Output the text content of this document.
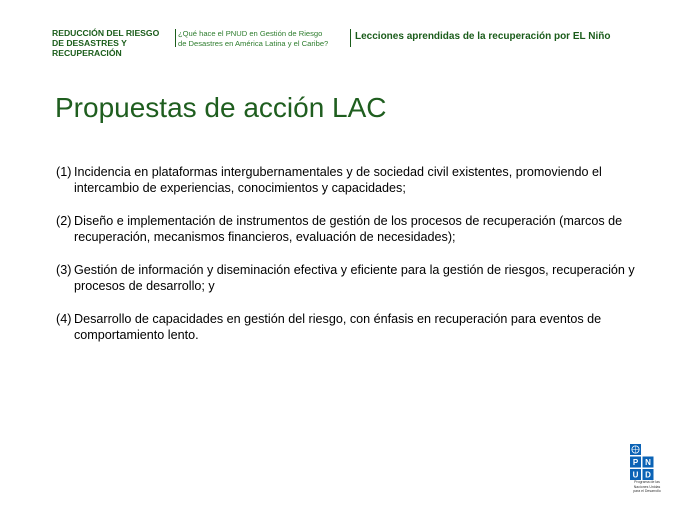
REDUCCIÓN DEL RIESGO
DE DESASTRES Y
RECUPERACIÓN
¿Qué hace el PNUD en Gestión de Riesgo
de Desastres en América Latina y el Caribe?
Lecciones aprendidas de la recuperación por EL Niño
Propuestas de acción LAC
(1) Incidencia en plataformas intergubernamentales y de sociedad civil existentes, promoviendo el intercambio de experiencias, conocimientos y capacidades;
(2) Diseño e implementación de instrumentos de gestión de los procesos de recuperación (marcos de recuperación, mecanismos financieros, evaluación de necesidades);
(3) Gestión de información y diseminación efectiva y eficiente para la gestión de riesgos, recuperación y procesos de desarrollo; y
(4) Desarrollo de capacidades en gestión del riesgo, con énfasis en recuperación para eventos de comportamiento lento.
P N
U D
Programa de las Naciones Unidas para el Desarrollo
